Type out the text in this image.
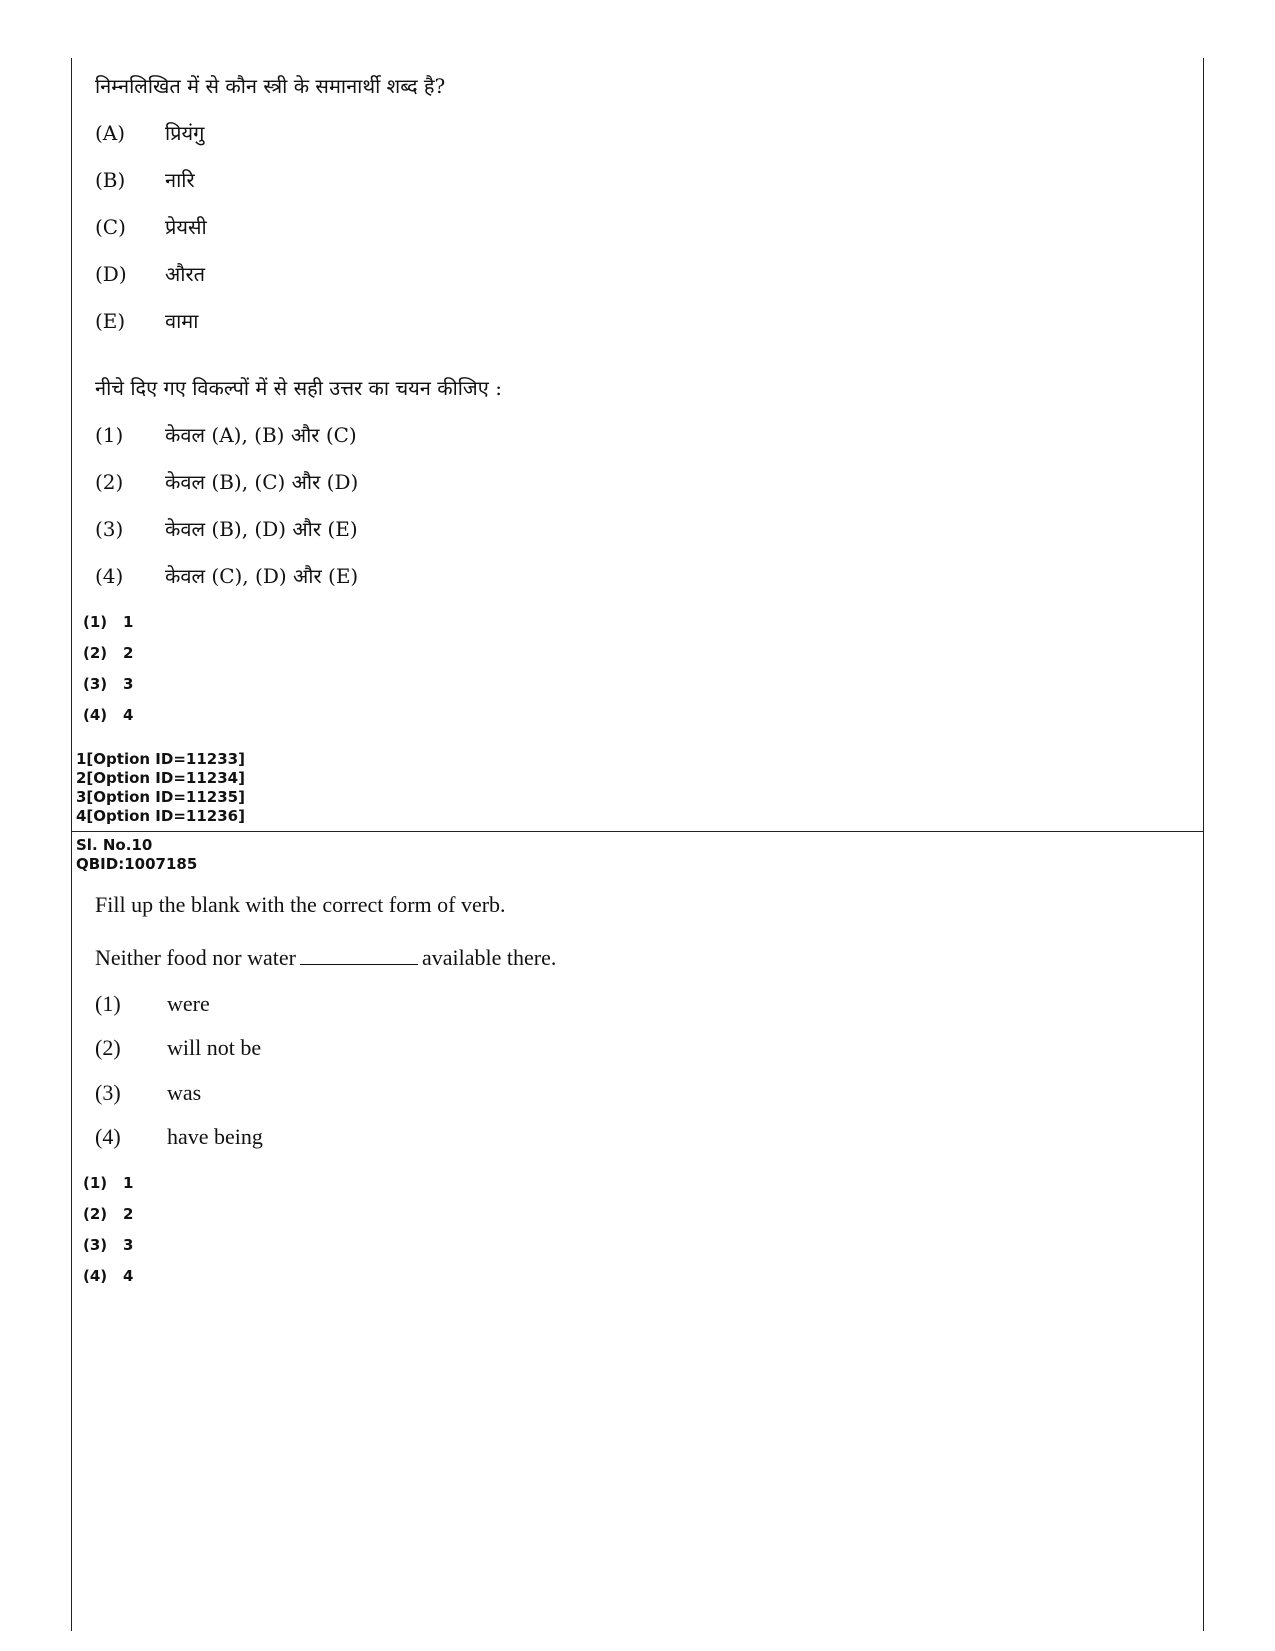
निम्नलिखित में से कौन स्त्री के समानार्थी शब्द है?
(A) प्रियंगु
(B) नारि
(C) प्रेयसी
(D) औरत
(E) वामा
नीचे दिए गए विकल्पों में से सही उत्तर का चयन कीजिए :
(1) केवल (A), (B) और (C)
(2) केवल (B), (C) और (D)
(3) केवल (B), (D) और (E)
(4) केवल (C), (D) और (E)
(1) 1
(2) 2
(3) 3
(4) 4
1[Option ID=11233]
2[Option ID=11234]
3[Option ID=11235]
4[Option ID=11236]
Sl. No.10
QBID:1007185
Fill up the blank with the correct form of verb.
Neither food nor water	available there.
(1) were
(2) will not be
(3) was
(4) have being
(1) 1
(2) 2
(3) 3
(4) 4
